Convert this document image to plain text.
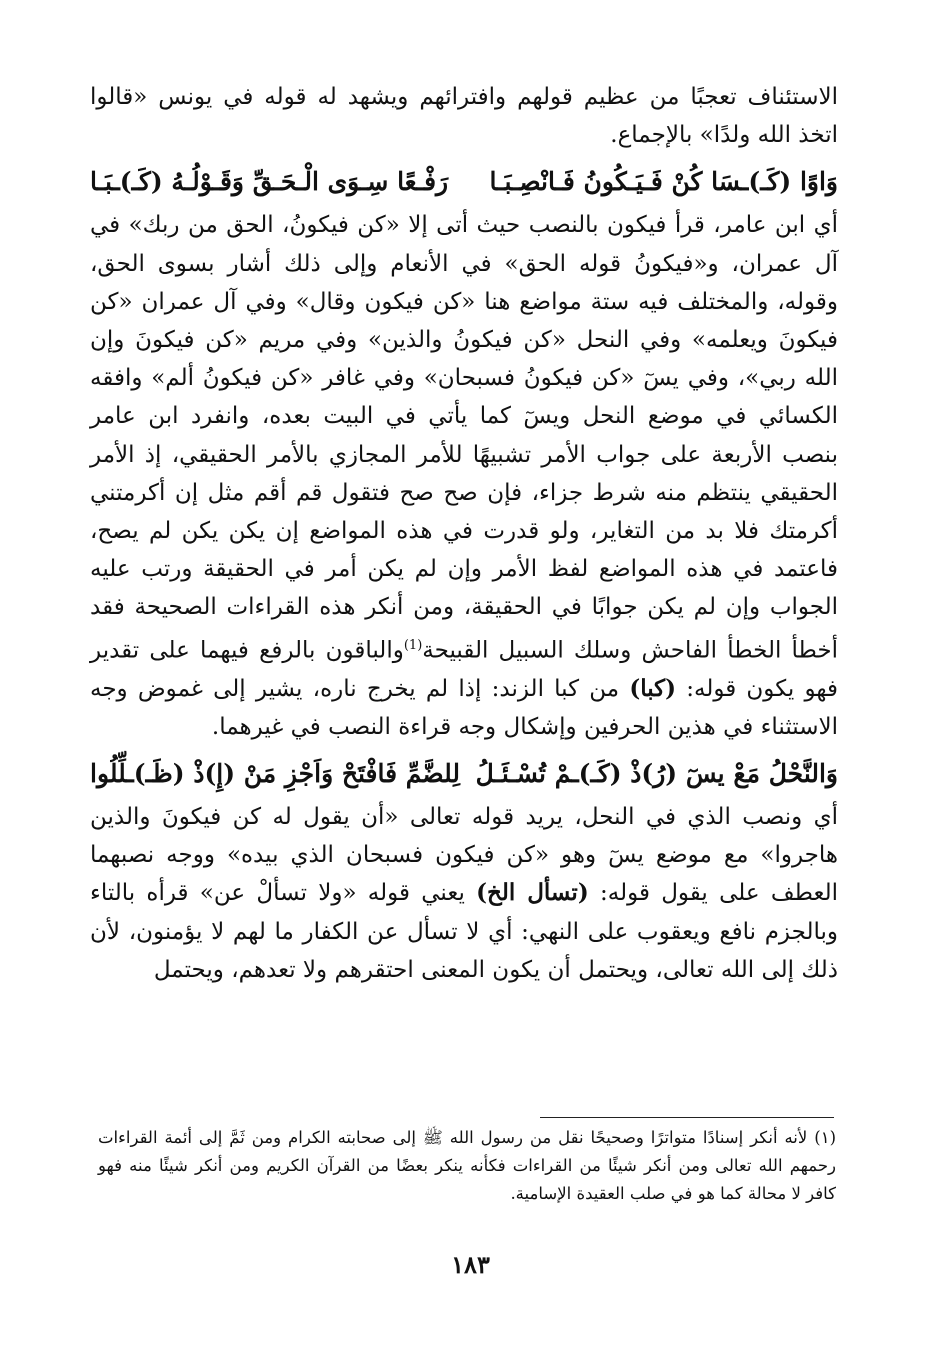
الاستئناف تعجبًا من عظيم قولهم وافترائهم ويشهد له قوله في يونس «قالوا اتخذ الله ولدًا» بالإجماع.

وَاوًا (كَـ)ـسَا كُنْ فَـيَـكُونُ فَـانْصِـبَـا
رَفْـعًا سِـوَى الْـحَـقِّ وَقَـوْلُـهُ (كَـ)ـبَـا

أي ابن عامر، قرأ فيكون بالنصب حيث أتى إلا «كن فيكونُ، الحق من ربك» في آل عمران، و«فيكونُ قوله الحق» في الأنعام وإلى ذلك أشار بسوى الحق، وقوله، والمختلف فيه ستة مواضع هنا «كن فيكون وقال» وفي آل عمران «كن فيكونَ ويعلمه» وفي النحل «كن فيكونُ والذين» وفي مريم «كن فيكونَ وإن الله ربي»، وفي يسٓ «كن فيكونُ فسبحان» وفي غافر «كن فيكونُ ألم» وافقه الكسائي في موضع النحل ويسٓ كما يأتي في البيت بعده، وانفرد ابن عامر بنصب الأربعة على جواب الأمر تشبيهًا للأمر المجازي بالأمر الحقيقي، إذ الأمر الحقيقي ينتظم منه شرط جزاء، فإن صح صح فتقول قم أقم مثل إن أكرمتني أكرمتك فلا بد من التغاير، ولو قدرت في هذه المواضع إن يكن يكن لم يصح، فاعتمد في هذه المواضع لفظ الأمر وإن لم يكن أمر في الحقيقة ورتب عليه الجواب وإن لم يكن جوابًا في الحقيقة، ومن أنكر هذه القراءات الصحيحة فقد أخطأ الخطأ الفاحش وسلك السبيل القبيحة$^{(1)}$والباقون بالرفع فيهما على تقدير فهو يكون قوله: (كبا) من كبا الزند: إذا لم يخرج ناره، يشير إلى غموض وجه الاستثناء في هذين الحرفين وإشكال وجه قراءة النصب في غيرهما.

وَالنَّحْلُ مَعْ يسٓ (رُ)ذْ (كَـ)ـمْ تُسْـئَـلُ
لِلضَّمِّ فَافْتَحْ وَاَجْزِ مَنْ (إِ)ذْ (ظَـ)ـلِّلُوا

أي ونصب الذي في النحل، يريد قوله تعالى «أن يقول له كن فيكونَ والذين هاجروا» مع موضع يسٓ وهو «كن فيكون فسبحان الذي بيده» ووجه نصبهما العطف على يقول قوله: (تسأل الخ) يعني قوله «ولا تسألْ عن» قرأه بالتاء وبالجزم نافع ويعقوب على النهي: أي لا تسأل عن الكفار ما لهم لا يؤمنون، لأن ذلك إلى الله تعالى، ويحتمل أن يكون المعنى احتقرهم ولا تعدهم، ويحتمل

(١) لأنه أنكر إسنادًا متواترًا وصحيحًا نقل من رسول الله ﷺ إلى صحابته الكرام ومن ثَمَّ إلى أئمة القراءات رحمهم الله تعالى ومن أنكر شيئًا من القراءات فكأنه ينكر بعضًا من القرآن الكريم ومن أنكر شيئًا منه فهو كافر لا محالة كما هو في صلب العقيدة الإسامية.

١٨٣
